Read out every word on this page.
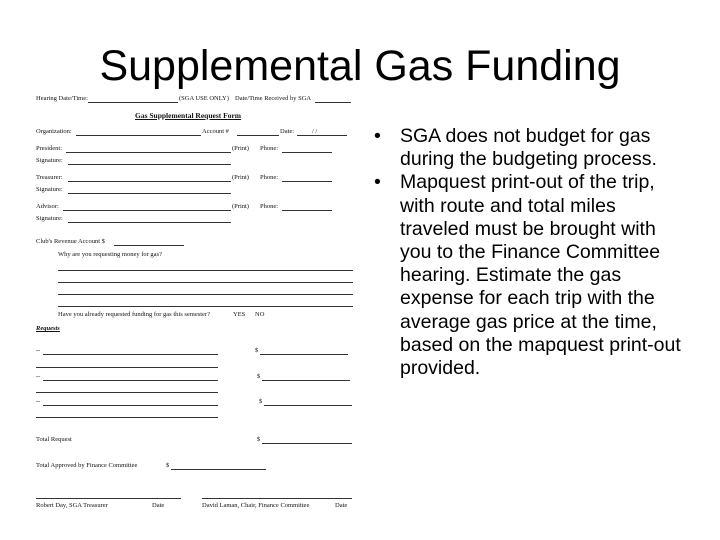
Supplemental Gas Funding
Hearing Date/Time:	(SGA USE ONLY) Date/Time Received by SGA
Gas Supplemental Request Form
Organization:	Account #	Date:	/ /
President:	(Print) Phone:
Signature:
Treasurer:	(Print) Phone:
Signature:
Advisor:	(Print) Phone:
Signature:
Club's Revenue Account $
Why are you requesting money for gas?
Have you already requested funding for gas this semester?	YES NO
Requests
--	$
--	$
--	$
Total Request	$
Total Approved by Finance Committee	$
Robert Day, SGA Treasurer	Date	David Laman, Chair, Finance Committee	Date
• SGA does not budget for gas during the budgeting process.
• Mapquest print-out of the trip, with route and total miles traveled must be brought with you to the Finance Committee hearing. Estimate the gas expense for each trip with the average gas price at the time, based on the mapquest print-out provided.
